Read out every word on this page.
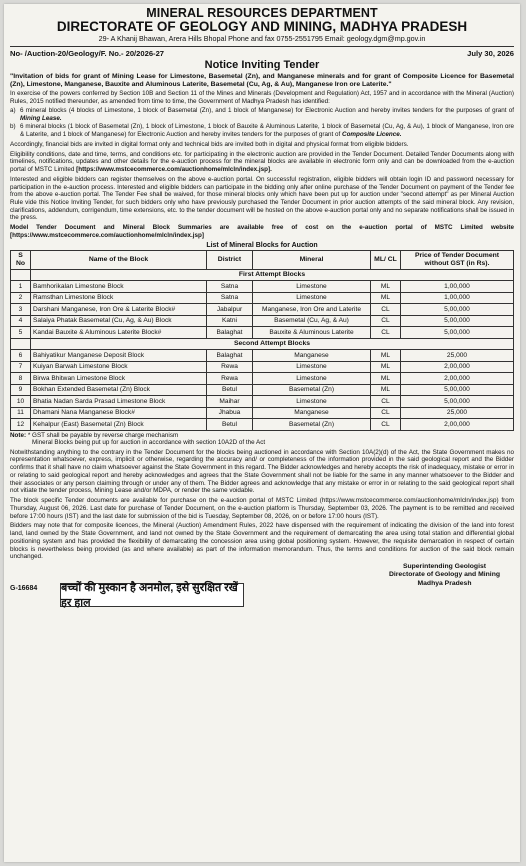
MINERAL RESOURCES DEPARTMENT
DIRECTORATE OF GEOLOGY AND MINING, MADHYA PRADESH
29- A Khanij Bhawan, Arera Hills Bhopal Phone and fax 0755-2551795 Email: geology.dgm@mp.gov.in
No- /Auction-20/Geology/F. No.- 20/2026-27	July 30, 2026
Notice Inviting Tender

"Invitation of bids for grant of Mining Lease for Limestone, Basemetal (Zn), and Manganese minerals and for grant of Composite Licence for Basemetal (Zn), Limestone, Manganese, Bauxite and Aluminous Laterite, Basemetal (Cu, Ag, & Au), Manganese Iron ore Laterite."

In exercise of the powers conferred by Section 10B and Section 11 of the Mines and Minerals (Development and Regulation) Act, 1957 and in accordance with the Mineral (Auction) Rules, 2015 notified thereunder, as amended from time to time, the Government of Madhya Pradesh has identified:

a) 6 mineral blocks (4 blocks of Limestone, 1 block of Basemetal (Zn), and 1 block of Manganese) for Electronic Auction and hereby invites tenders for the purposes of grant of Mining Lease.
b) 6 mineral blocks (1 block of Basemetal (Zn), 1 block of Limestone, 1 block of Bauxite & Aluminous Laterite, 1 block of Basemetal (Cu, Ag, & Au), 1 block of Manganese, Iron ore & Laterite, and 1 block of Manganese) for Electronic Auction and hereby invites tenders for the purposes of grant of Composite Licence.

Accordingly, financial bids are invited in digital format only and technical bids are invited both in digital and physical format from eligible bidders.

Eligibility conditions, date and time, terms, and conditions etc. for participating in the electronic auction are provided in the Tender Document. Detailed Tender Documents along with timelines, notifications, updates and other details for the e-auction process for the mineral blocks are available in electronic form only and can be downloaded from the e-auction portal of MSTC Limited [https://www.mstcecommerce.com/auctionhome/mlcln/index.jsp].

Interested and eligible bidders can register themselves on the above e-auction portal. On successful registration, eligible bidders will obtain login ID and password necessary for participation in the e-auction process. Interested and eligible bidders can participate in the bidding only after online purchase of the Tender Document on payment of the Tender fee from the above e-auction portal. The Tender Fee shall be waived, for those mineral blocks only which have been put up for auction under "second attempt" as per Mineral Auction Rule vide this Notice Inviting Tender, for such bidders only who have previously purchased the Tender Document in prior auction attempts of the said mineral block. Any revision, clarifications, addendum, corrigendum, time extensions, etc. to the tender document will be hosted on the above e-auction portal only and no separate notifications shall be issued in the press.

Model Tender Document and Mineral Block Summaries are available free of cost on the e-auction portal of MSTC Limited website [https://www.mstcecommerce.com/auctionhome/mlcln/index.jsp]

List of Mineral Blocks for Auction
S No	Name of the Block	District	Mineral	ML/ CL	Price of Tender Document without GST (in Rs).
	First Attempt Blocks				
1	Bamhorikalan Limestone Block	Satna	Limestone	ML	1,00,000
2	Ramsthan Limestone Block	Satna	Limestone	ML	1,00,000
3	Darshani Manganese, Iron Ore & Laterite Block#	Jabalpur	Manganese, Iron Ore and Laterite	CL	5,00,000
4	Salaiya Phatak Basemetal (Cu, Ag, & Au) Block	Katni	Basemetal (Cu, Ag, & Au)	CL	5,00,000
5	Kandai Bauxite & Aluminous Laterite Block#	Balaghat	Bauxite & Aluminous Laterite	CL	5,00,000
	Second Attempt Blocks				
6	Bahiyatikur Manganese Deposit Block	Balaghat	Manganese	ML	25,000
7	Kuiyan Barwah Limestone Block	Rewa	Limestone	ML	2,00,000
8	Birwa Bhitwan Limestone Block	Rewa	Limestone	ML	2,00,000
9	Bokhan Extended Basemetal (Zn) Block	Betul	Basemetal (Zn)	ML	5,00,000
10	Bhatia Nadan Sarda Prasad Limestone Block	Maihar	Limestone	CL	5,00,000
11	Dhamani Nana Manganese Block#	Jhabua	Manganese	CL	25,000
12	Kehalpur (East) Basemetal (Zn) Block	Betul	Basemetal (Zn)	CL	2,00,000
Note: * GST shall be payable by reverse charge mechanism
Mineral Blocks being put up for auction in accordance with section 10A2D of the Act

Notwithstanding anything to the contrary in the Tender Document for the blocks being auctioned in accordance with Section 10A(2)(d) of the Act, the State Government makes no representation whatsoever, express, implicit or otherwise, regarding the accuracy and/ or completeness of the information provided in the said geological report and the Bidder confirms that it shall have no claim whatsoever against the State Government in this regard. The Bidder acknowledges and hereby accepts the risk of inadequacy, mistake or error in or relating to said geological report and hereby acknowledges and agrees that the State Government shall not be liable for the same in any manner whatsoever to the Bidder and their associates or any person claiming through or under any of them. The Bidder agrees and acknowledge that any mistake or error in or relating to the said geological report shall not vitiate the tender process, Mining Lease and/or MDPA, or render the same voidable.

The block specific Tender documents are available for purchase on the e-auction portal of MSTC Limited (https://www.mstcecommerce.com/auctionhome/mlcln/index.jsp) from Thursday, August 06, 2026. Last date for purchase of Tender Document, on the e-auction platform is Thursday, September 03, 2026. The payment is to be remitted and received before 17:00 hours (IST) and the last date for submission of the bid is Tuesday, September 08, 2026, on or before 17:00 hours (IST).

Bidders may note that for composite licences, the Mineral (Auction) Amendment Rules, 2022 have dispensed with the requirement of indicating the division of the land into forest land, land owned by the State Government, and land not owned by the State Government and the requirement of demarcating the area using total station and differential global positioning system and has provided the flexibility of demarcating the concession area using global positioning system. However, the requisite demarcation in respect of certain blocks is nevertheless being provided (as and where available) as part of the information memorandum. Thus, the terms and conditions for auction of the said block remain unchanged.

G-16684 बच्चों की मुस्कान है अनमोल, इसे सुरक्षित रखें हर हाल
Superintending Geologist
Directorate of Geology and Mining
Madhya Pradesh
